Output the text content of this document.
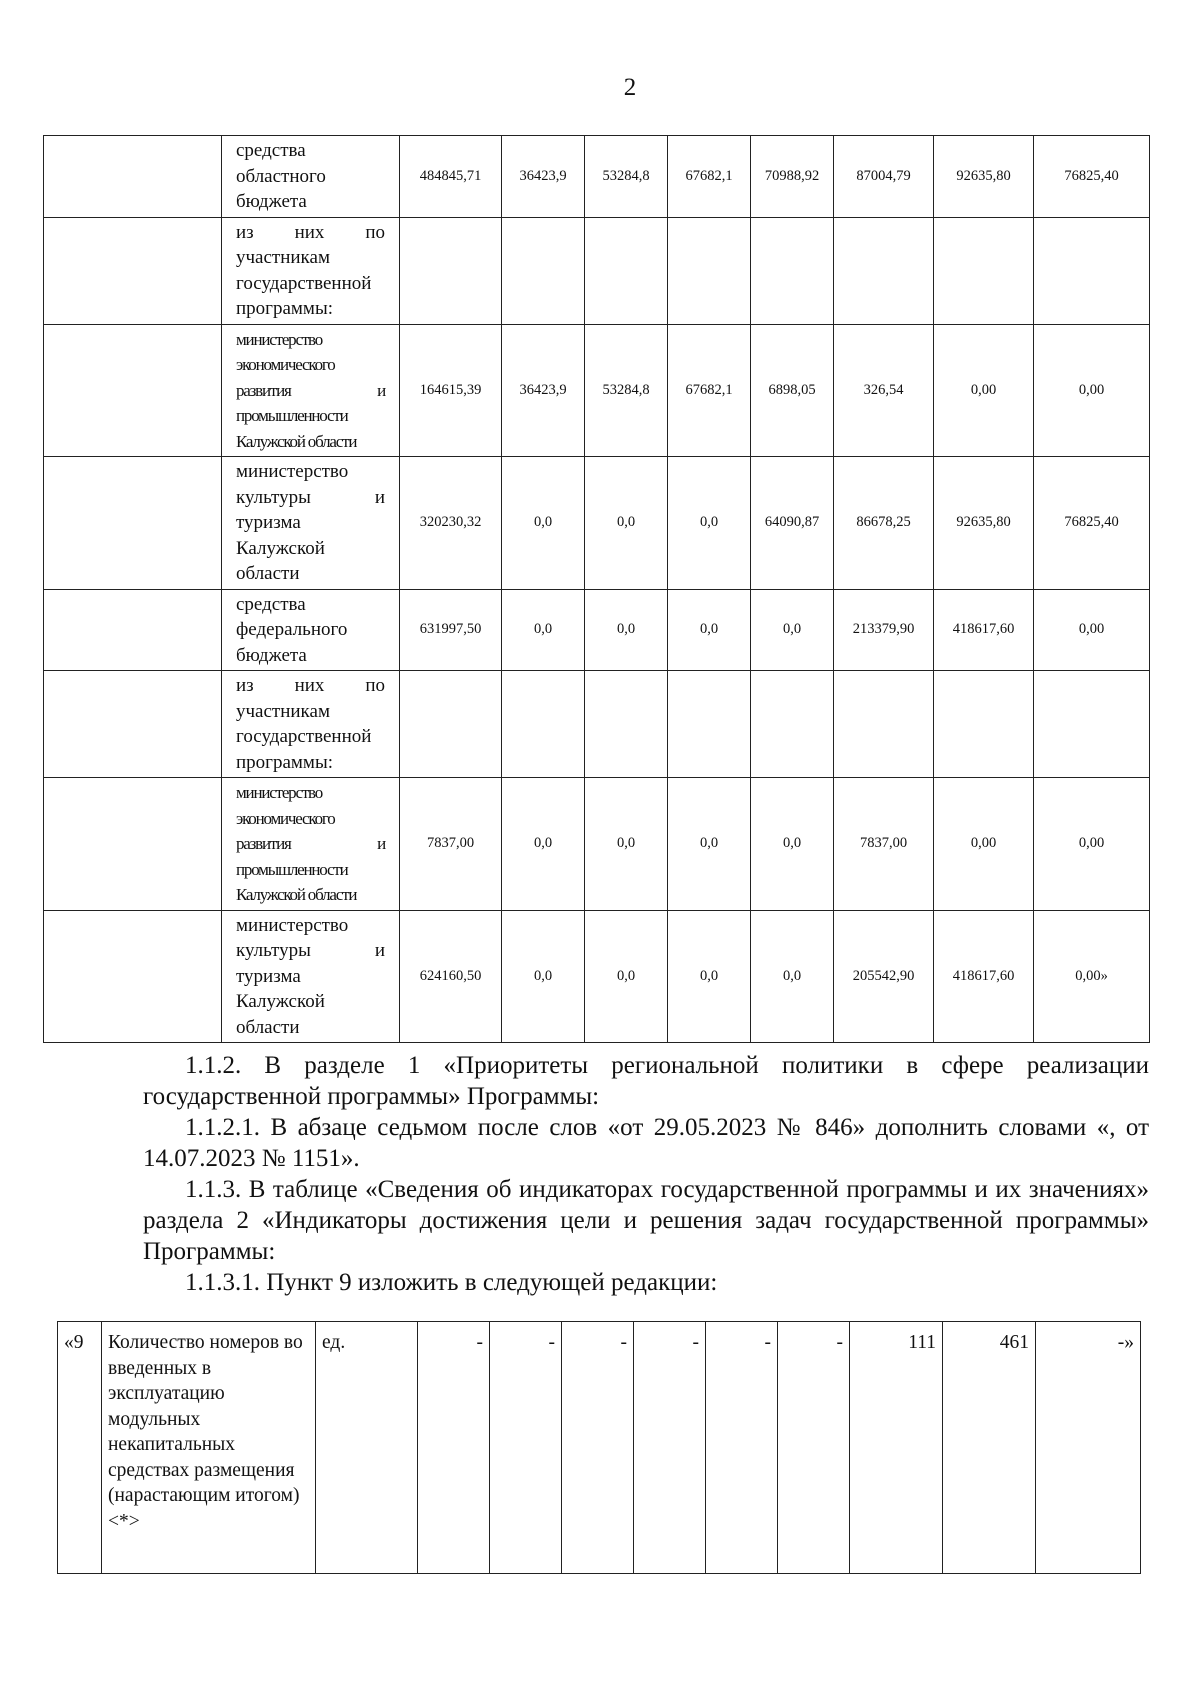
2

	средства
областного
бюджета	484845,71	36423,9	53284,8	67682,1	70988,92	87004,79	92635,80	76825,40

	из них по
участникам
государственной
программы:								

	министерство
экономического
развития и
промышленности
Калужской области	164615,39	36423,9	53284,8	67682,1	6898,05	326,54	0,00	0,00

	министерство
культуры и
туризма
Калужской
области	320230,32	0,0	0,0	0,0	64090,87	86678,25	92635,80	76825,40

	средства
федерального
бюджета	631997,50	0,0	0,0	0,0	0,0	213379,90	418617,60	0,00

	из них по
участникам
государственной
программы:								

	министерство
экономического
развития и
промышленности
Калужской области	7837,00	0,0	0,0	0,0	0,0	7837,00	0,00	0,00

	министерство
культуры и
туризма
Калужской
области	624160,50	0,0	0,0	0,0	0,0	205542,90	418617,60	0,00»
1.1.2. В разделе 1 «Приоритеты региональной политики в сфере реализации государственной программы» Программы:
1.1.2.1. В абзаце седьмом после слов «от 29.05.2023 № 846» дополнить словами «, от 14.07.2023 № 1151».
1.1.3. В таблице «Сведения об индикаторах государственной программы и их значениях» раздела 2 «Индикаторы достижения цели и решения задач государственной программы» Программы:
1.1.3.1. Пункт 9 изложить в следующей редакции:
«9	Количество номеров во введенных в эксплуатацию модульных некапитальных средствах размещения (нарастающим итогом) <*>	ед.	-	-	-	-	-	-	111	461	-»
